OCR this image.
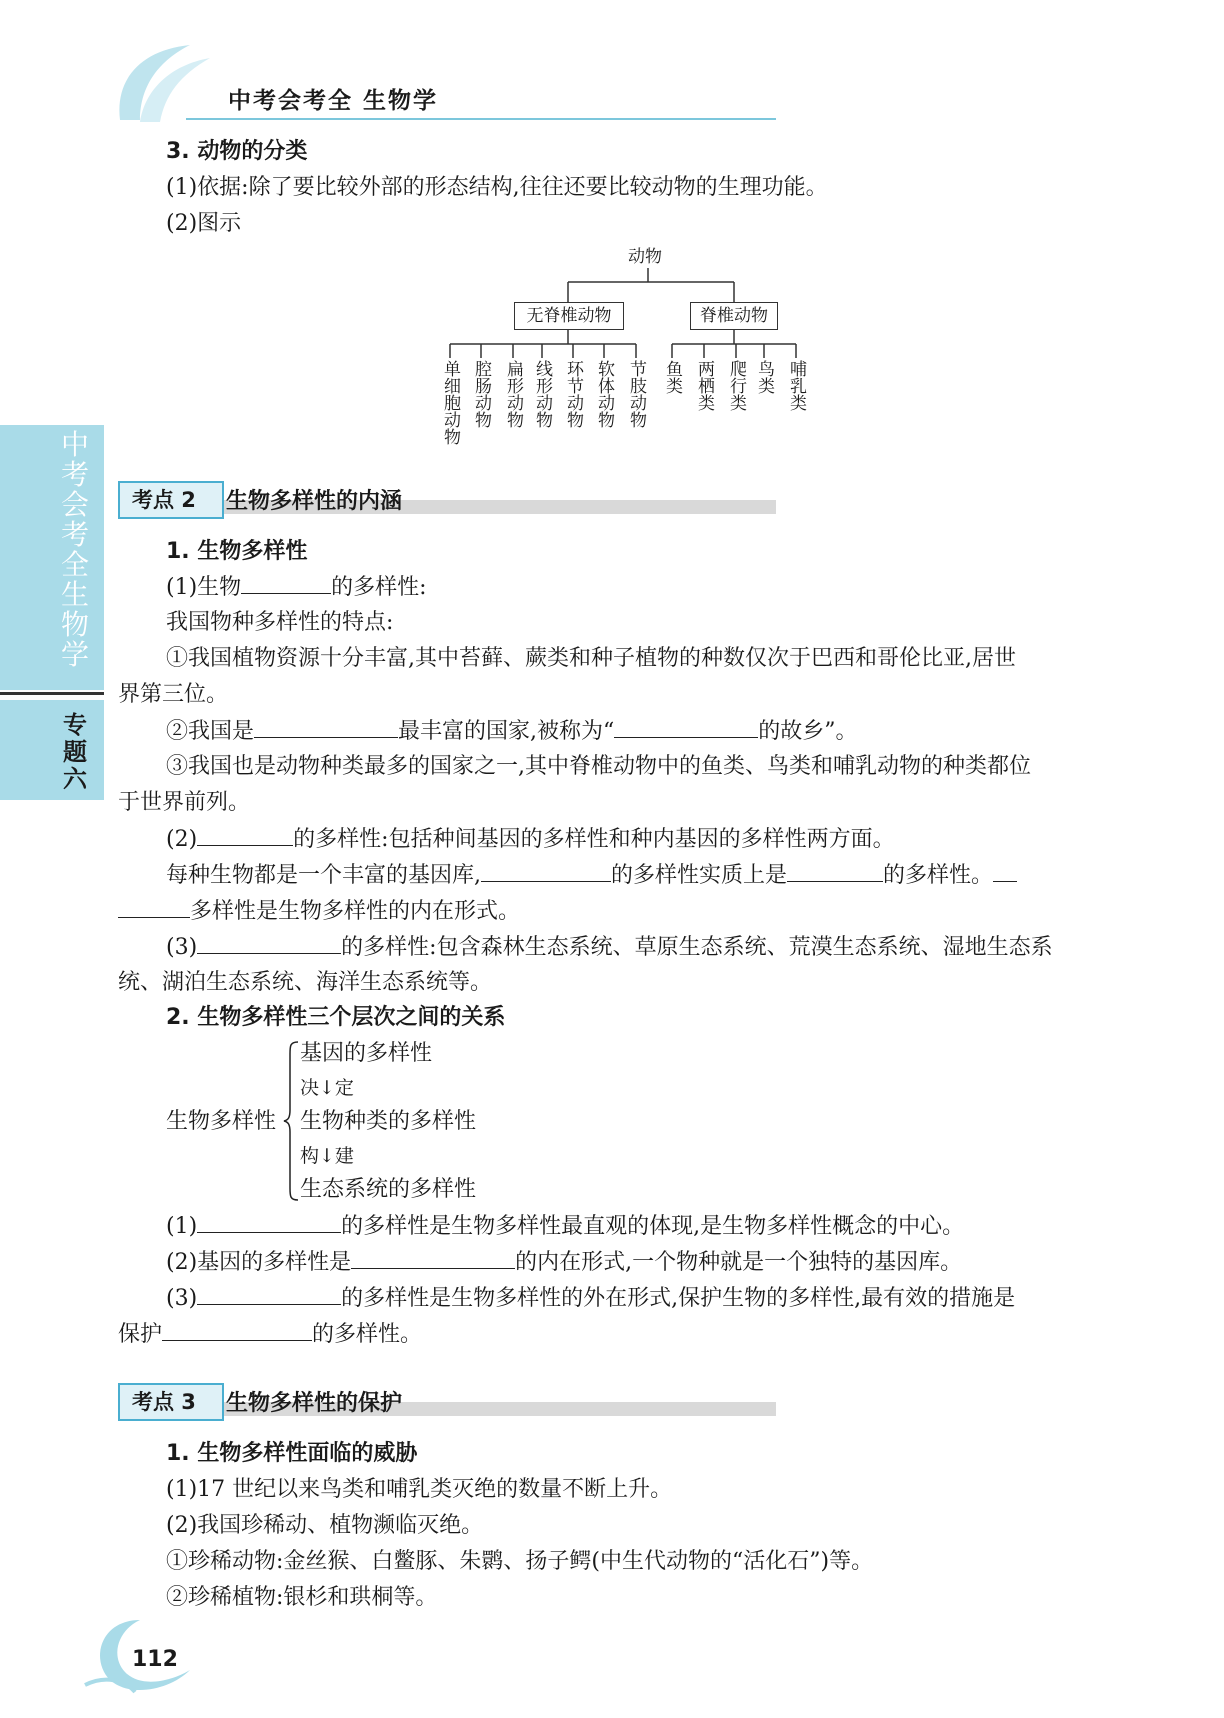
中考会考全 生物学
中考会考全 生物学
专题六
3. 动物的分类
(1)依据:除了要比较外部的形态结构,往往还要比较动物的生理功能。
(2)图示
动物
无脊椎动物	脊椎动物
单细胞动物 腔肠动物 扁形动物 线形动物 环节动物 软体动物 节肢动物 鱼类 两栖类 爬行类 鸟类 哺乳类
考点 2	生物多样性的内涵
1. 生物多样性
(1)生物	的多样性:
我国物种多样性的特点:
①我国植物资源十分丰富,其中苔藓、蕨类和种子植物的种数仅次于巴西和哥伦比亚,居世
界第三位。
②我国是	最丰富的国家,被称为“	的故乡”。
③我国也是动物种类最多的国家之一,其中脊椎动物中的鱼类、鸟类和哺乳动物的种类都位
于世界前列。
(2)	的多样性:包括种间基因的多样性和种内基因的多样性两方面。
每种生物都是一个丰富的基因库,	的多样性实质上是	的多样性。
多样性是生物多样性的内在形式。
(3)	的多样性:包含森林生态系统、草原生态系统、荒漠生态系统、湿地生态系
统、湖泊生态系统、海洋生态系统等。
2. 生物多样性三个层次之间的关系
生物多样性
基因的多样性
决↓定
生物种类的多样性
构↓建
生态系统的多样性
(1)	的多样性是生物多样性最直观的体现,是生物多样性概念的中心。
(2)基因的多样性是	的内在形式,一个物种就是一个独特的基因库。
(3)	的多样性是生物多样性的外在形式,保护生物的多样性,最有效的措施是
保护	的多样性。
考点 3	生物多样性的保护
1. 生物多样性面临的威胁
(1)17 世纪以来鸟类和哺乳类灭绝的数量不断上升。
(2)我国珍稀动、植物濒临灭绝。
①珍稀动物:金丝猴、白鳖豚、朱鹮、扬子鳄(中生代动物的“活化石”)等。
②珍稀植物:银杉和珙桐等。
112
